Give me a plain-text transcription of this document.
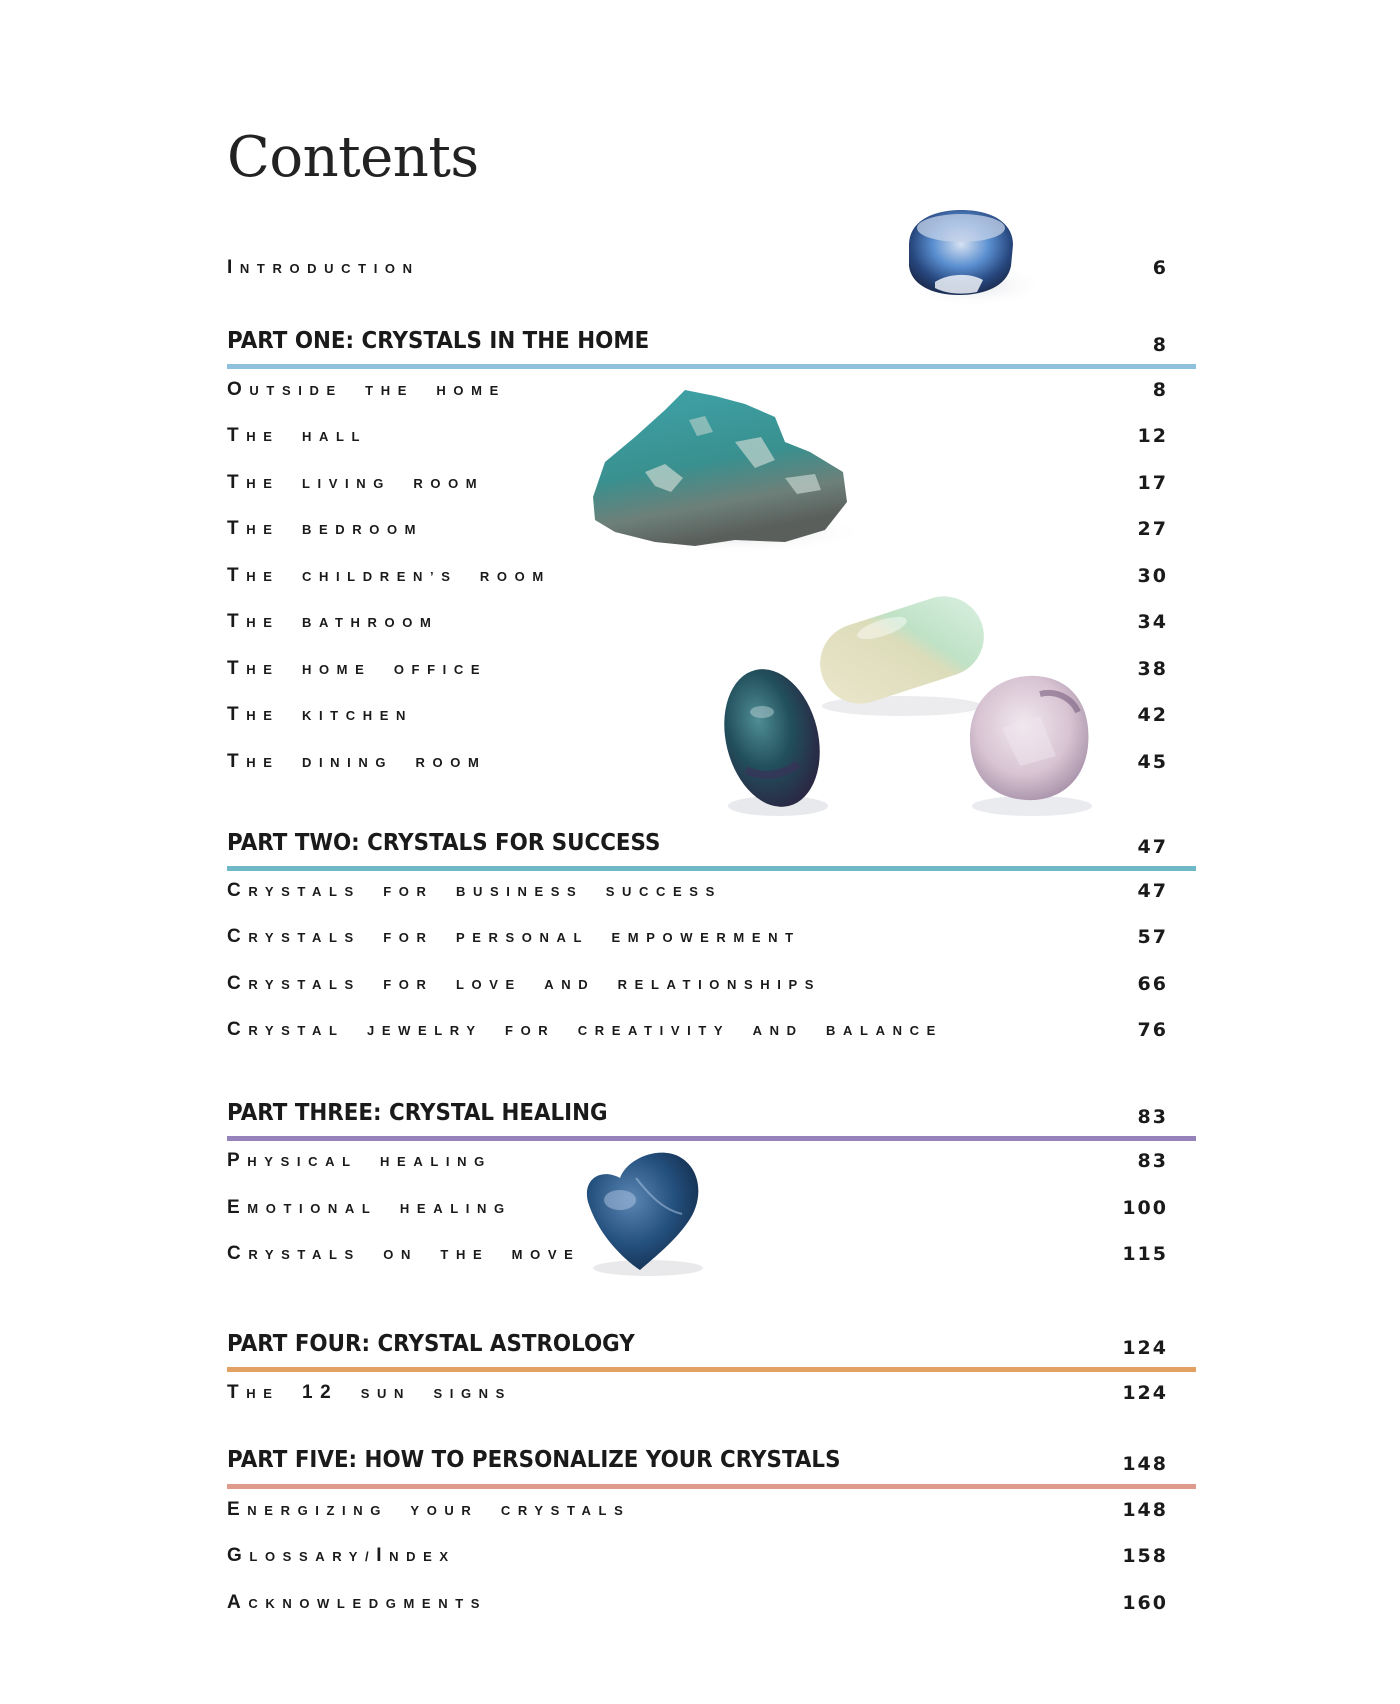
Contents
INTRODUCTION	6
PART ONE: CRYSTALS IN THE HOME	8
OUTSIDE THE HOME	8
THE HALL	12
THE LIVING ROOM	17
THE BEDROOM	27
THE CHILDREN’S ROOM	30
THE BATHROOM	34
THE HOME OFFICE	38
THE KITCHEN	42
THE DINING ROOM	45
PART TWO: CRYSTALS FOR SUCCESS	47
CRYSTALS FOR BUSINESS SUCCESS	47
CRYSTALS FOR PERSONAL EMPOWERMENT	57
CRYSTALS FOR LOVE AND RELATIONSHIPS	66
CRYSTAL JEWELRY FOR CREATIVITY AND BALANCE	76
PART THREE: CRYSTAL HEALING	83
PHYSICAL HEALING	83
EMOTIONAL HEALING	100
CRYSTALS ON THE MOVE	115
PART FOUR: CRYSTAL ASTROLOGY	124
THE 12 SUN SIGNS	124
PART FIVE: HOW TO PERSONALIZE YOUR CRYSTALS	148
ENERGIZING YOUR CRYSTALS	148
GLOSSARY/INDEX	158
ACKNOWLEDGMENTS	160
